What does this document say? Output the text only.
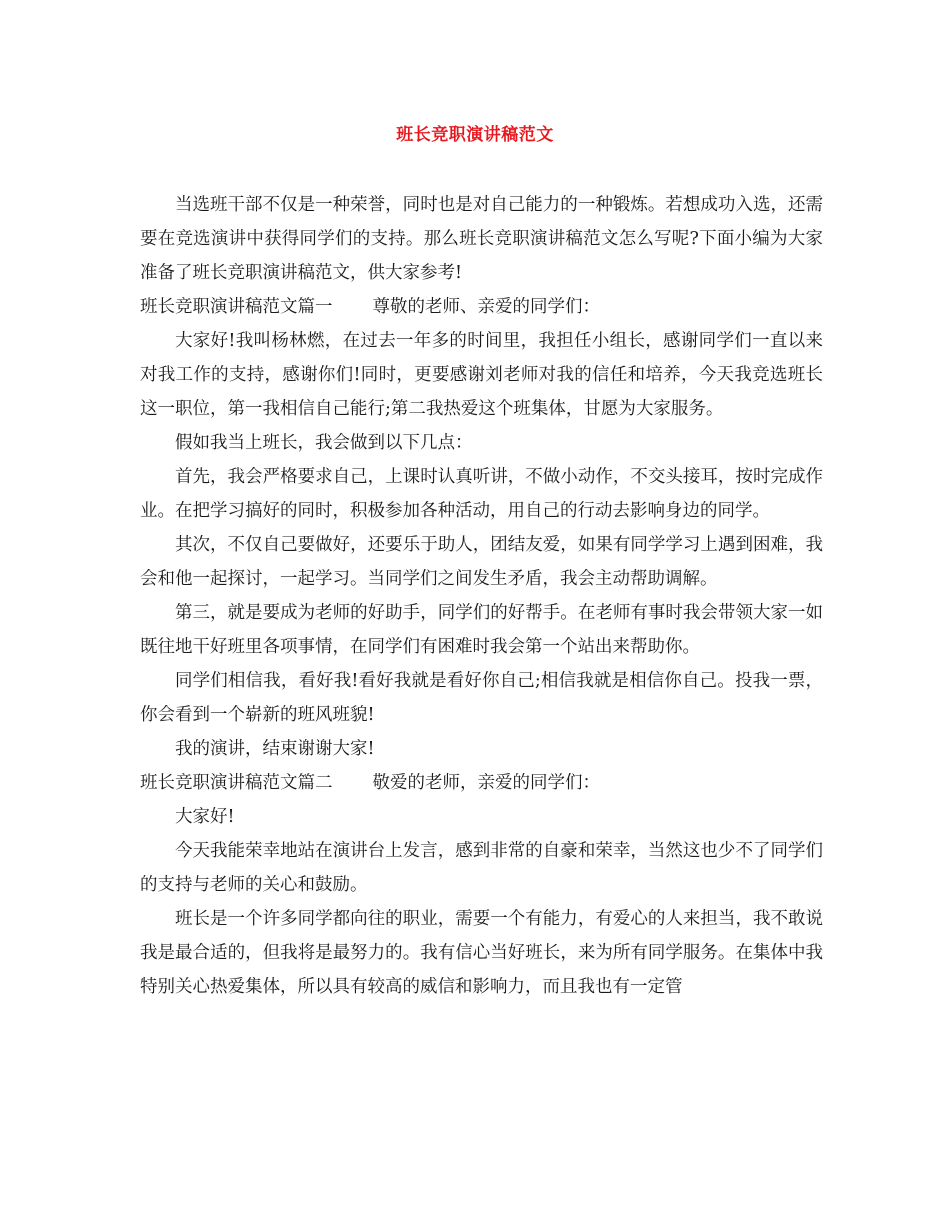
班长竞职演讲稿范文

当选班干部不仅是一种荣誉，同时也是对自己能力的一种锻炼。若想成功入选，还需要在竞选演讲中获得同学们的支持。那么班长竞职演讲稿范文怎么写呢?下面小编为大家准备了班长竞职演讲稿范文，供大家参考!

班长竞职演讲稿范文篇一 尊敬的老师、亲爱的同学们：

大家好!我叫杨林燃，在过去一年多的时间里，我担任小组长，感谢同学们一直以来对我工作的支持，感谢你们!同时，更要感谢刘老师对我的信任和培养，今天我竞选班长这一职位，第一我相信自己能行;第二我热爱这个班集体，甘愿为大家服务。

假如我当上班长，我会做到以下几点：

首先，我会严格要求自己，上课时认真听讲，不做小动作，不交头接耳，按时完成作业。在把学习搞好的同时，积极参加各种活动，用自己的行动去影响身边的同学。

其次，不仅自己要做好，还要乐于助人，团结友爱，如果有同学学习上遇到困难，我会和他一起探讨，一起学习。当同学们之间发生矛盾，我会主动帮助调解。

第三，就是要成为老师的好助手，同学们的好帮手。在老师有事时我会带领大家一如既往地干好班里各项事情，在同学们有困难时我会第一个站出来帮助你。

同学们相信我，看好我!看好我就是看好你自己;相信我就是相信你自己。投我一票，你会看到一个崭新的班风班貌!

我的演讲，结束谢谢大家!

班长竞职演讲稿范文篇二 敬爱的老师，亲爱的同学们：

大家好!

今天我能荣幸地站在演讲台上发言，感到非常的自豪和荣幸，当然这也少不了同学们的支持与老师的关心和鼓励。

班长是一个许多同学都向往的职业，需要一个有能力，有爱心的人来担当，我不敢说我是最合适的，但我将是最努力的。我有信心当好班长，来为所有同学服务。在集体中我特别关心热爱集体，所以具有较高的威信和影响力，而且我也有一定管
